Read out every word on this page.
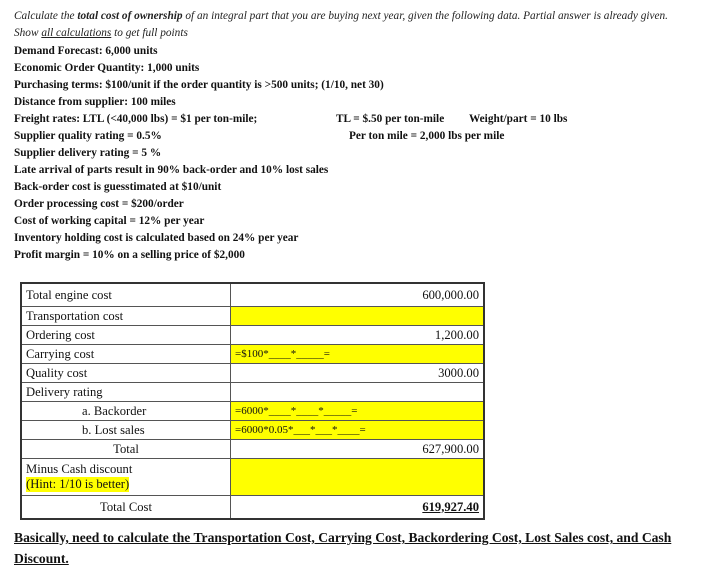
Calculate the total cost of ownership of an integral part that you are buying next year, given the following data. Partial answer is already given. Show all calculations to get full points
Demand Forecast: 6,000 units
Economic Order Quantity: 1,000 units
Purchasing terms: $100/unit if the order quantity is >500 units; (1/10, net 30)
Distance from supplier: 100 miles
Freight rates: LTL (<40,000 lbs) = $1 per ton-mile;	TL = $.50 per ton-mile Weight/part = 10 lbs
Supplier quality rating = 0.5%	Per ton mile = 2,000 lbs per mile
Supplier delivery rating = 5 %
Late arrival of parts result in 90% back-order and 10% lost sales
Back-order cost is guesstimated at $10/unit
Order processing cost = $200/order
Cost of working capital = 12% per year
Inventory holding cost is calculated based on 24% per year
Profit margin = 10% on a selling price of $2,000
Total engine cost	600,000.00
Transportation cost	
Ordering cost	1,200.00
Carrying cost	=$100*____*_____=
Quality cost	3000.00
Delivery rating	
a. Backorder	=6000*____*____*_____=
b. Lost sales	=6000*0.05*___*___*____=
Total	627,900.00

Minus Cash discount
(Hint: 1/10 is better)	
Total Cost	619,927.40
Basically, need to calculate the Transportation Cost, Carrying Cost, Backordering Cost, Lost Sales cost, and Cash Discount.
